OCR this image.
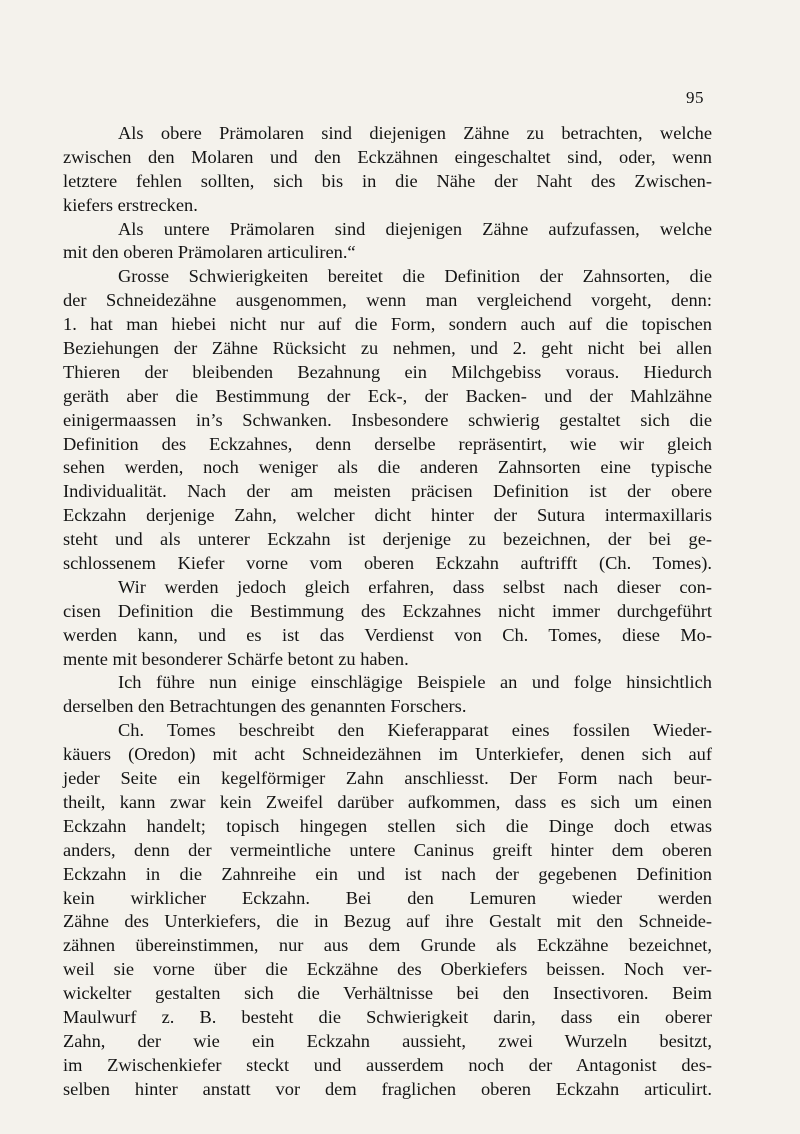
95
Als obere Prämolaren sind diejenigen Zähne zu betrachten, welche
zwischen den Molaren und den Eckzähnen eingeschaltet sind, oder, wenn
letztere fehlen sollten, sich bis in die Nähe der Naht des Zwischen-
kiefers erstrecken.
Als untere Prämolaren sind diejenigen Zähne aufzufassen, welche
mit den oberen Prämolaren articuliren.“
Grosse Schwierigkeiten bereitet die Definition der Zahnsorten, die
der Schneidezähne ausgenommen, wenn man vergleichend vorgeht, denn:
1. hat man hiebei nicht nur auf die Form, sondern auch auf die topischen
Beziehungen der Zähne Rücksicht zu nehmen, und 2. geht nicht bei allen
Thieren der bleibenden Bezahnung ein Milchgebiss voraus. Hiedurch
geräth aber die Bestimmung der Eck-, der Backen- und der Mahlzähne
einigermaassen in’s Schwanken. Insbesondere schwierig gestaltet sich die
Definition des Eckzahnes, denn derselbe repräsentirt, wie wir gleich
sehen werden, noch weniger als die anderen Zahnsorten eine typische
Individualität. Nach der am meisten präcisen Definition ist der obere
Eckzahn derjenige Zahn, welcher dicht hinter der Sutura intermaxillaris
steht und als unterer Eckzahn ist derjenige zu bezeichnen, der bei ge-
schlossenem Kiefer vorne vom oberen Eckzahn auftrifft (Ch. Tomes).
Wir werden jedoch gleich erfahren, dass selbst nach dieser con-
cisen Definition die Bestimmung des Eckzahnes nicht immer durchgeführt
werden kann, und es ist das Verdienst von Ch. Tomes, diese Mo-
mente mit besonderer Schärfe betont zu haben.
Ich führe nun einige einschlägige Beispiele an und folge hinsichtlich
derselben den Betrachtungen des genannten Forschers.
Ch. Tomes beschreibt den Kieferapparat eines fossilen Wieder-
käuers (Oredon) mit acht Schneidezähnen im Unterkiefer, denen sich auf
jeder Seite ein kegelförmiger Zahn anschliesst. Der Form nach beur-
theilt, kann zwar kein Zweifel darüber aufkommen, dass es sich um einen
Eckzahn handelt; topisch hingegen stellen sich die Dinge doch etwas
anders, denn der vermeintliche untere Caninus greift hinter dem oberen
Eckzahn in die Zahnreihe ein und ist nach der gegebenen Definition
kein wirklicher Eckzahn. Bei den Lemuren wieder werden
Zähne des Unterkiefers, die in Bezug auf ihre Gestalt mit den Schneide-
zähnen übereinstimmen, nur aus dem Grunde als Eckzähne bezeichnet,
weil sie vorne über die Eckzähne des Oberkiefers beissen. Noch ver-
wickelter gestalten sich die Verhältnisse bei den Insectivoren. Beim
Maulwurf z. B. besteht die Schwierigkeit darin, dass ein oberer
Zahn, der wie ein Eckzahn aussieht, zwei Wurzeln besitzt,
im Zwischenkiefer steckt und ausserdem noch der Antagonist des-
selben hinter anstatt vor dem fraglichen oberen Eckzahn articulirt.
